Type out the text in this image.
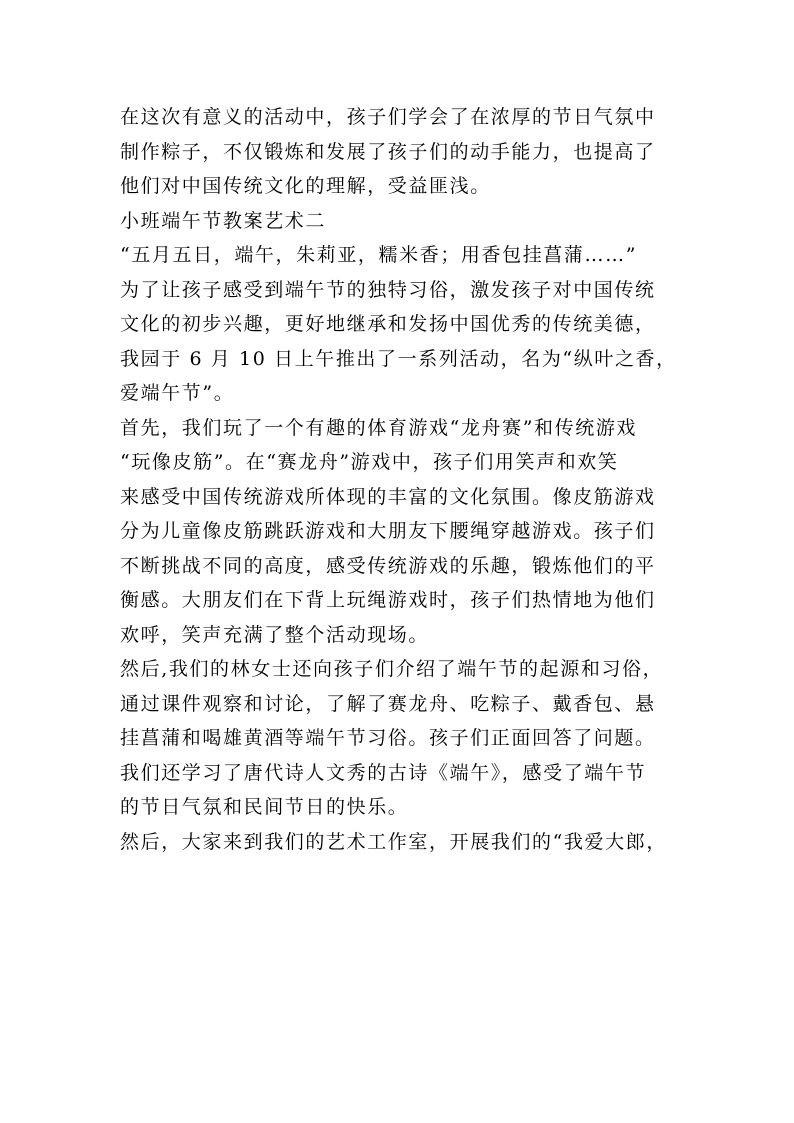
在这次有意义的活动中，孩子们学会了在浓厚的节日气氛中
制作粽子，不仅锻炼和发展了孩子们的动手能力，也提高了
他们对中国传统文化的理解，受益匪浅。
小班端午节教案艺术二
“五月五日，端午，朱莉亚，糯米香；用香包挂菖蒲……”
为了让孩子感受到端午节的独特习俗，激发孩子对中国传统
文化的初步兴趣，更好地继承和发扬中国优秀的传统美德，
我园于 6 月 10 日上午推出了一系列活动，名为“纵叶之香，
爱端午节”。
首先，我们玩了一个有趣的体育游戏“龙舟赛”和传统游戏
“玩像皮筋”。在“赛龙舟”游戏中，孩子们用笑声和欢笑
来感受中国传统游戏所体现的丰富的文化氛围。像皮筋游戏
分为儿童像皮筋跳跃游戏和大朋友下腰绳穿越游戏。孩子们
不断挑战不同的高度，感受传统游戏的乐趣，锻炼他们的平
衡感。大朋友们在下背上玩绳游戏时，孩子们热情地为他们
欢呼，笑声充满了整个活动现场。
然后,我们的林女士还向孩子们介绍了端午节的起源和习俗，
通过课件观察和讨论，了解了赛龙舟、吃粽子、戴香包、悬
挂菖蒲和喝雄黄酒等端午节习俗。孩子们正面回答了问题。
我们还学习了唐代诗人文秀的古诗《端午》，感受了端午节
的节日气氛和民间节日的快乐。
然后，大家来到我们的艺术工作室，开展我们的“我爱大郎，
